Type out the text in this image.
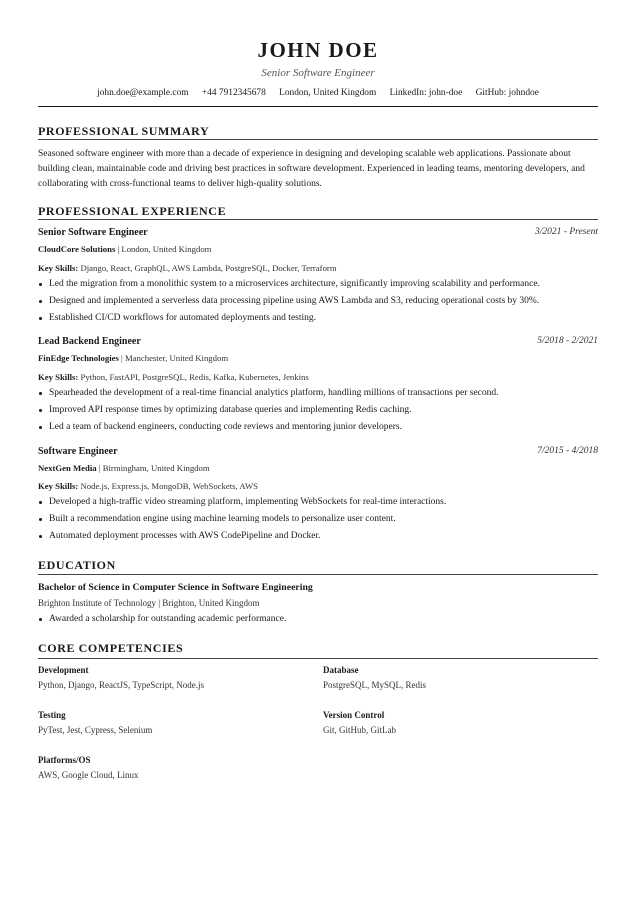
JOHN DOE
Senior Software Engineer
john.doe@example.com +44 7912345678 London, United Kingdom LinkedIn: john-doe GitHub: johndoe
PROFESSIONAL SUMMARY
Seasoned software engineer with more than a decade of experience in designing and developing scalable web applications. Passionate about building clean, maintainable code and driving best practices in software development. Experienced in leading teams, mentoring developers, and collaborating with cross-functional teams to deliver high-quality solutions.
PROFESSIONAL EXPERIENCE
Senior Software Engineer	3/2021 - Present
CloudCore Solutions | London, United Kingdom
Key Skills: Django, React, GraphQL, AWS Lambda, PostgreSQL, Docker, Terraform
Led the migration from a monolithic system to a microservices architecture, significantly improving scalability and performance.
Designed and implemented a serverless data processing pipeline using AWS Lambda and S3, reducing operational costs by 30%.
Established CI/CD workflows for automated deployments and testing.
Lead Backend Engineer	5/2018 - 2/2021
FinEdge Technologies | Manchester, United Kingdom
Key Skills: Python, FastAPI, PostgreSQL, Redis, Kafka, Kubernetes, Jenkins
Spearheaded the development of a real-time financial analytics platform, handling millions of transactions per second.
Improved API response times by optimizing database queries and implementing Redis caching.
Led a team of backend engineers, conducting code reviews and mentoring junior developers.
Software Engineer	7/2015 - 4/2018
NextGen Media | Birmingham, United Kingdom
Key Skills: Node.js, Express.js, MongoDB, WebSockets, AWS
Developed a high-traffic video streaming platform, implementing WebSockets for real-time interactions.
Built a recommendation engine using machine learning models to personalize user content.
Automated deployment processes with AWS CodePipeline and Docker.
EDUCATION
Bachelor of Science in Computer Science in Software Engineering
Brighton Institute of Technology | Brighton, United Kingdom
Awarded a scholarship for outstanding academic performance.
CORE COMPETENCIES
Development
Python, Django, ReactJS, TypeScript, Node.js
Database
PostgreSQL, MySQL, Redis
Testing
PyTest, Jest, Cypress, Selenium
Version Control
Git, GitHub, GitLab
Platforms/OS
AWS, Google Cloud, Linux
